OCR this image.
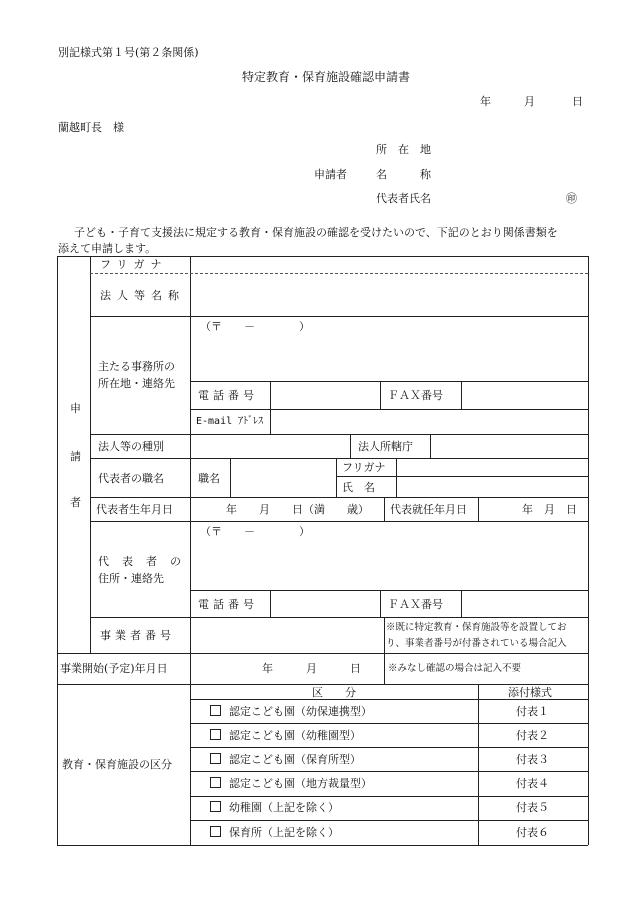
別記様式第１号(第２条関係)
特定教育・保育施設確認申請書
年	月	日
蘭越町長　様
所　在　地
申請者	名　　　称
代表者氏名	㊞
子ども・子育て支援法に規定する教育・保育施設の確認を受けたいので、下記のとおり関係書類を
添えて申請します。
申
請
者
フリガナ
法人等名称
主たる事務所の
所在地・連絡先
（〒　　－　　　　）
電話番号	ＦＡＸ番号
E-mail ｱﾄﾞﾚｽ
法人等の種別	法人所轄庁
代表者の職名	職名
フリガナ
氏　名
代表者生年月日	年　　月　　日（満　　歳） 代表就任年月日	年　月　日
代　表　者　の
住所・連絡先
（〒　　－　　　　）
電話番号	ＦＡＸ番号
事業者番号
※既に特定教育・保育施設等を設置してお
り、事業者番号が付番されている場合記入
事業開始(予定)年月日	年　　　月　　　日	※みなし確認の場合は記入不要
教育・保育施設の区分
区　　分	添付様式
認定こども園（幼保連携型）	付表１
認定こども園（幼稚園型）	付表２
認定こども園（保育所型）	付表３
認定こども園（地方裁量型）	付表４
幼稚園（上記を除く）	付表５
保育所（上記を除く）	付表６
